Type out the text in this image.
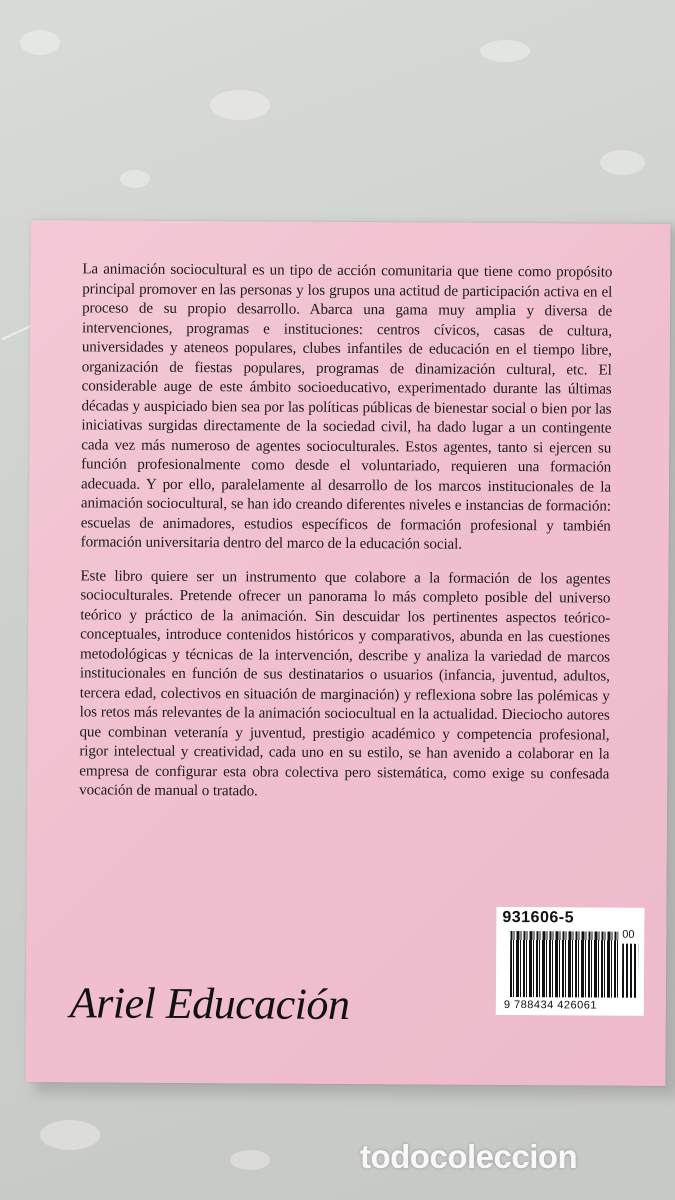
La animación sociocultural es un tipo de acción comunitaria que tiene como propósito principal promover en las personas y los grupos una actitud de participación activa en el proceso de su propio desarrollo. Abarca una gama muy amplia y diversa de intervenciones, programas e instituciones: centros cívicos, casas de cultura, universidades y ateneos populares, clubes infantiles de educación en el tiempo libre, organización de fiestas populares, programas de dinamización cultural, etc. El considerable auge de este ámbito socioeducativo, experimentado durante las últimas décadas y auspiciado bien sea por las políticas públicas de bienestar social o bien por las iniciativas surgidas directamente de la sociedad civil, ha dado lugar a un contingente cada vez más numeroso de agentes socioculturales. Estos agentes, tanto si ejercen su función profesionalmente como desde el voluntariado, requieren una formación adecuada. Y por ello, paralelamente al desarrollo de los marcos institucionales de la animación sociocultural, se han ido creando diferentes niveles e instancias de formación: escuelas de animadores, estudios específicos de formación profesional y también formación universitaria dentro del marco de la educación social.

Este libro quiere ser un instrumento que colabore a la formación de los agentes socioculturales. Pretende ofrecer un panorama lo más completo posible del universo teórico y práctico de la animación. Sin descuidar los pertinentes aspectos teórico-conceptuales, introduce contenidos históricos y comparativos, abunda en las cuestiones metodológicas y técnicas de la intervención, describe y analiza la variedad de marcos institucionales en función de sus destinatarios o usuarios (infancia, juventud, adultos, tercera edad, colectivos en situación de marginación) y reflexiona sobre las polémicas y los retos más relevantes de la animación sociocultual en la actualidad. Dieciocho autores que combinan veteranía y juventud, prestigio académico y competencia profesional, rigor intelectual y creatividad, cada uno en su estilo, se han avenido a colaborar en la empresa de configurar esta obra colectiva pero sistemática, como exige su confesada vocación de manual o tratado.

931606-5
00
9 788434 426061
Ariel Educación
todocoleccion
